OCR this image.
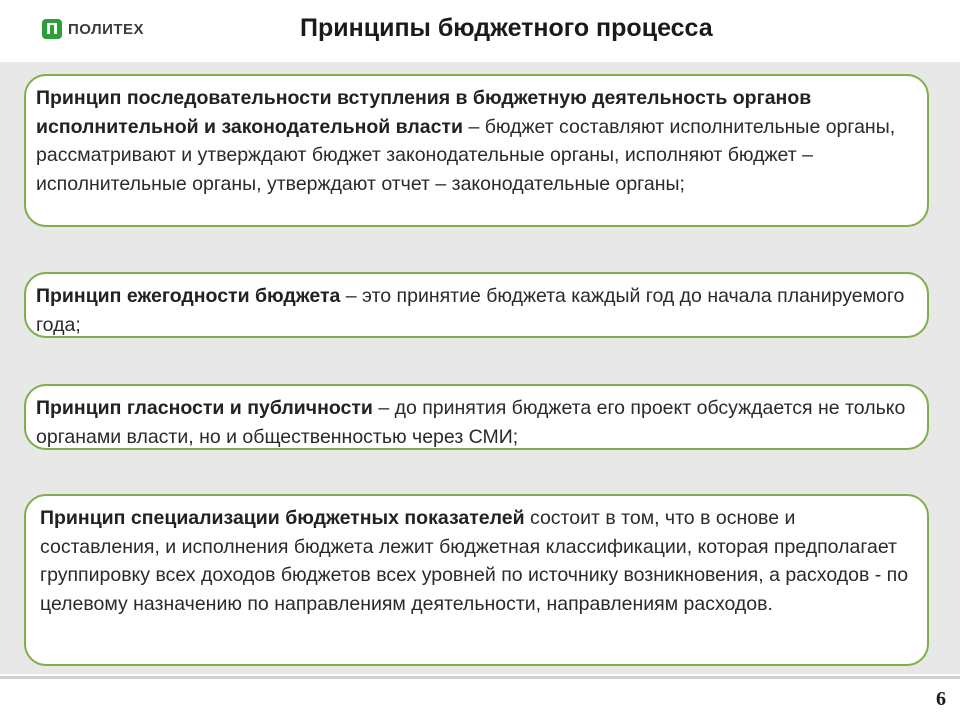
П ПОЛИТЕХ	Принципы бюджетного процесса
Принцип последовательности вступления в бюджетную деятельность органов исполнительной и законодательной власти – бюджет составляют исполнительные органы, рассматривают и утверждают бюджет законодательные органы, исполняют бюджет – исполнительные органы, утверждают отчет – законодательные органы;
Принцип ежегодности бюджета – это принятие бюджета каждый год до начала планируемого года;
Принцип гласности и публичности – до принятия бюджета его проект обсуждается не только органами власти, но и общественностью через СМИ;
Принцип специализации бюджетных показателей состоит в том, что в основе и составления, и исполнения бюджета лежит бюджетная классификации, которая предполагает группировку всех доходов бюджетов всех уровней по источнику возникновения, а расходов - по целевому назначению по направлениям деятельности, направлениям расходов.
6
